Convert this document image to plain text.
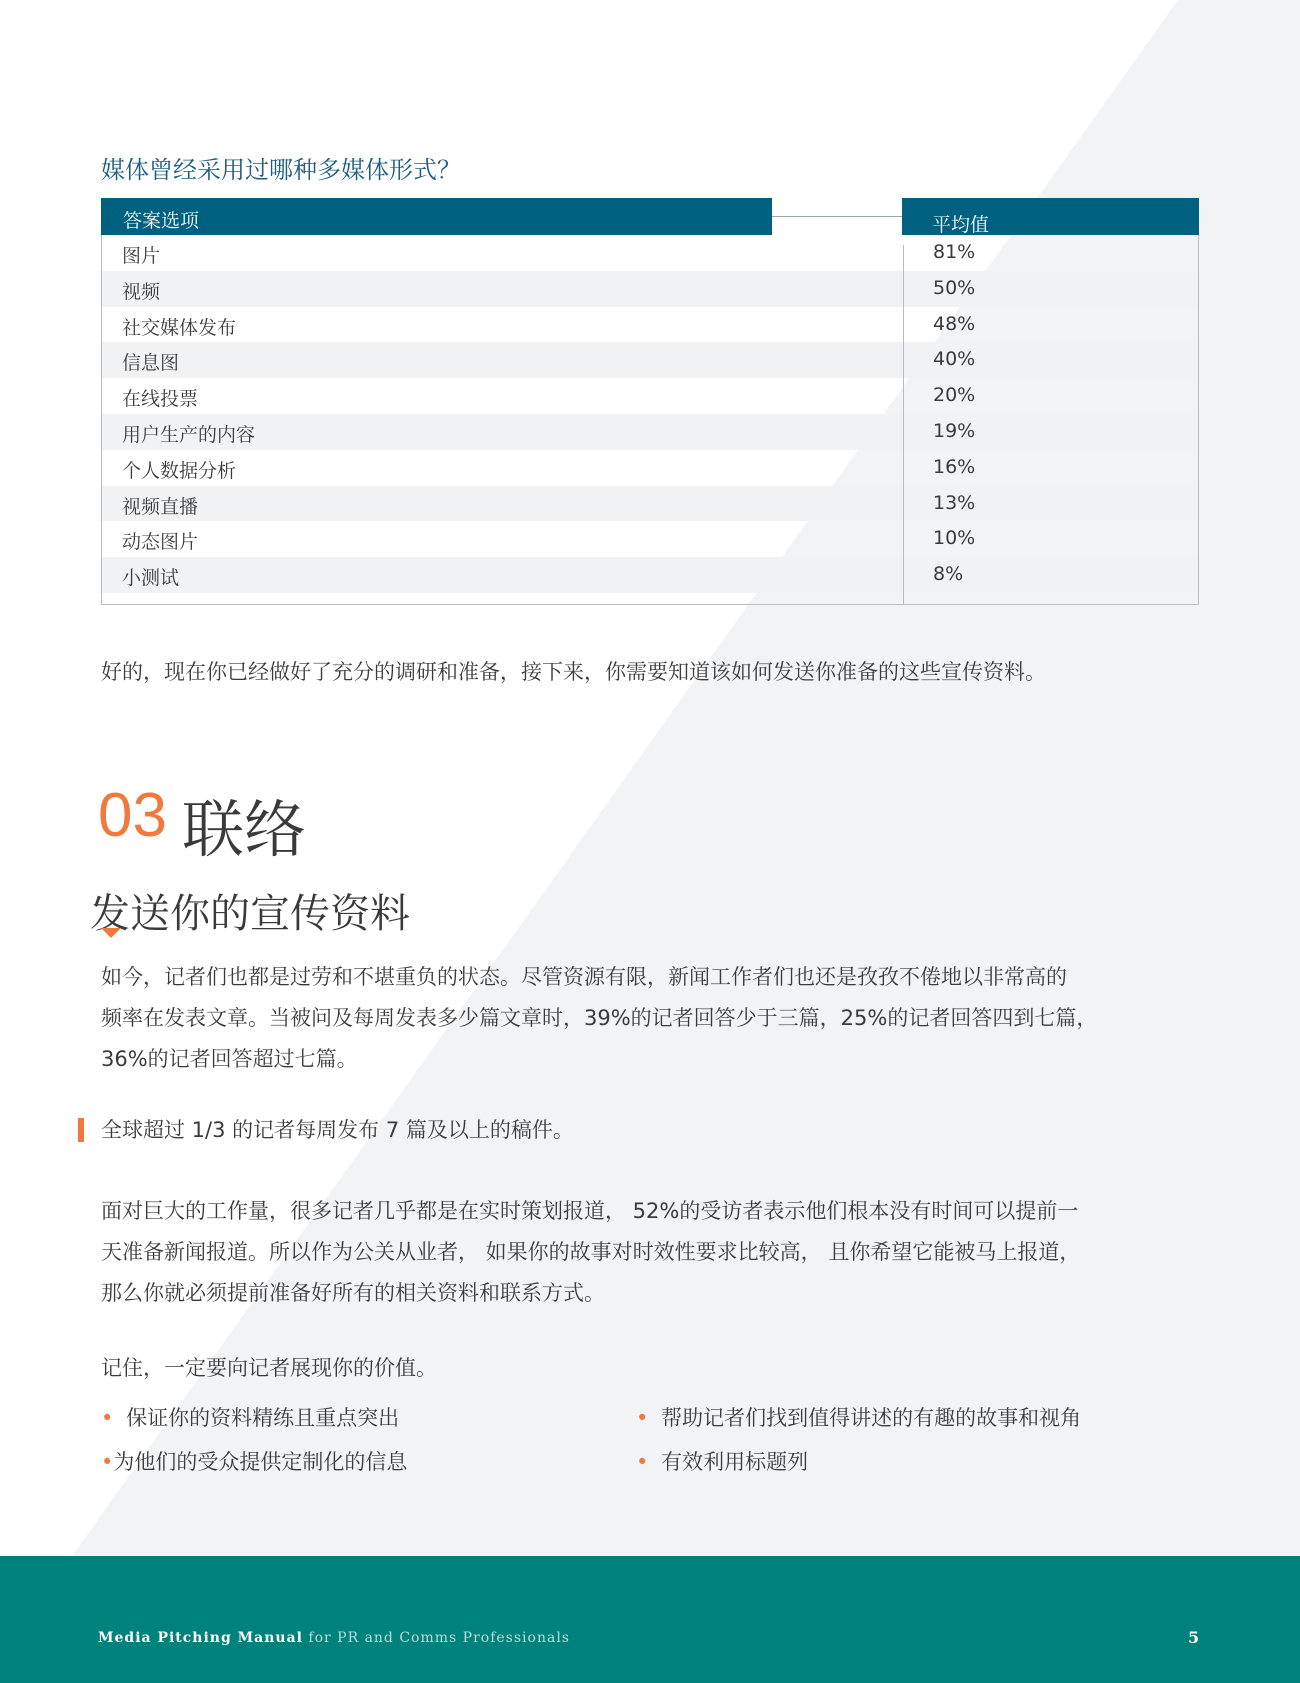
媒体曾经采用过哪种多媒体形式？
答案选项	平均值
图片	81%
视频	50%
社交媒体发布	48%
信息图	40%
在线投票	20%
用户生产的内容	19%
个人数据分析	16%
视频直播	13%
动态图片	10%
小测试	8%
好的，现在你已经做好了充分的调研和准备，接下来，你需要知道该如何发送你准备的这些宣传资料。
03 联络
发送你的宣传资料
如今，记者们也都是过劳和不堪重负的状态。尽管资源有限，新闻工作者们也还是孜孜不倦地以非常高的
频率在发表文章。当被问及每周发表多少篇文章时，39%的记者回答少于三篇，25%的记者回答四到七篇，
36%的记者回答超过七篇。
全球超过 1/3 的记者每周发布 7 篇及以上的稿件。
面对巨大的工作量，很多记者几乎都是在实时策划报道， 52%的受访者表示他们根本没有时间可以提前一
天准备新闻报道。所以作为公关从业者， 如果你的故事对时效性要求比较高， 且你希望它能被马上报道，
那么你就必须提前准备好所有的相关资料和联系方式。
记住，一定要向记者展现你的价值。
• 保证你的资料精练且重点突出
•为他们的受众提供定制化的信息
• 帮助记者们找到值得讲述的有趣的故事和视角
• 有效利用标题列
Media Pitching Manual for PR and Comms Professionals	5
